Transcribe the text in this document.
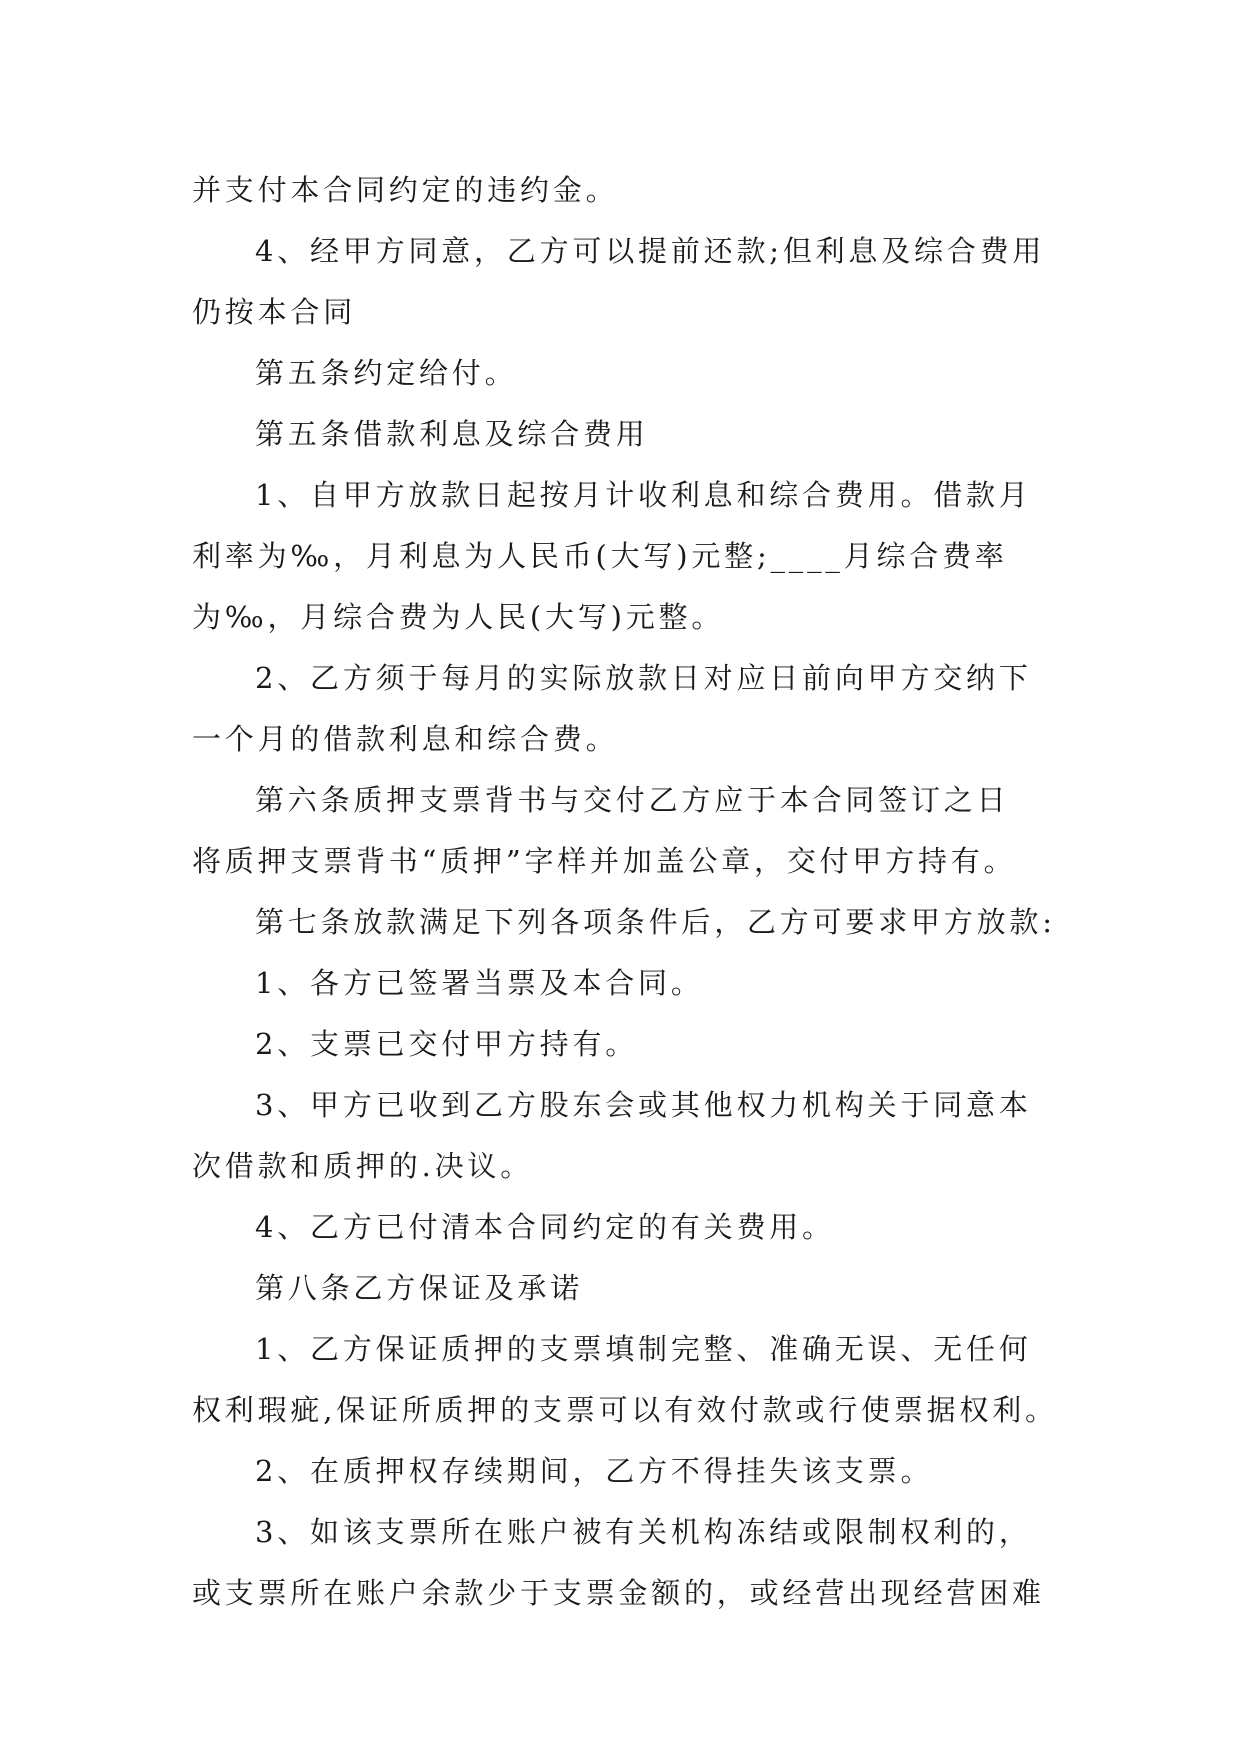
并支付本合同约定的违约金。

4、经甲方同意，乙方可以提前还款;但利息及综合费用

仍按本合同

第五条约定给付。

第五条借款利息及综合费用

1、自甲方放款日起按月计收利息和综合费用。借款月

利率为‰，月利息为人民币(大写)元整;____月综合费率

为‰，月综合费为人民(大写)元整。

2、乙方须于每月的实际放款日对应日前向甲方交纳下

一个月的借款利息和综合费。

第六条质押支票背书与交付乙方应于本合同签订之日

将质押支票背书“质押”字样并加盖公章，交付甲方持有。

第七条放款满足下列各项条件后，乙方可要求甲方放款:

1、各方已签署当票及本合同。

2、支票已交付甲方持有。

3、甲方已收到乙方股东会或其他权力机构关于同意本

次借款和质押的.决议。

4、乙方已付清本合同约定的有关费用。

第八条乙方保证及承诺

1、乙方保证质押的支票填制完整、准确无误、无任何

权利瑕疵,保证所质押的支票可以有效付款或行使票据权利。

2、在质押权存续期间，乙方不得挂失该支票。

3、如该支票所在账户被有关机构冻结或限制权利的，

或支票所在账户余款少于支票金额的，或经营出现经营困难
